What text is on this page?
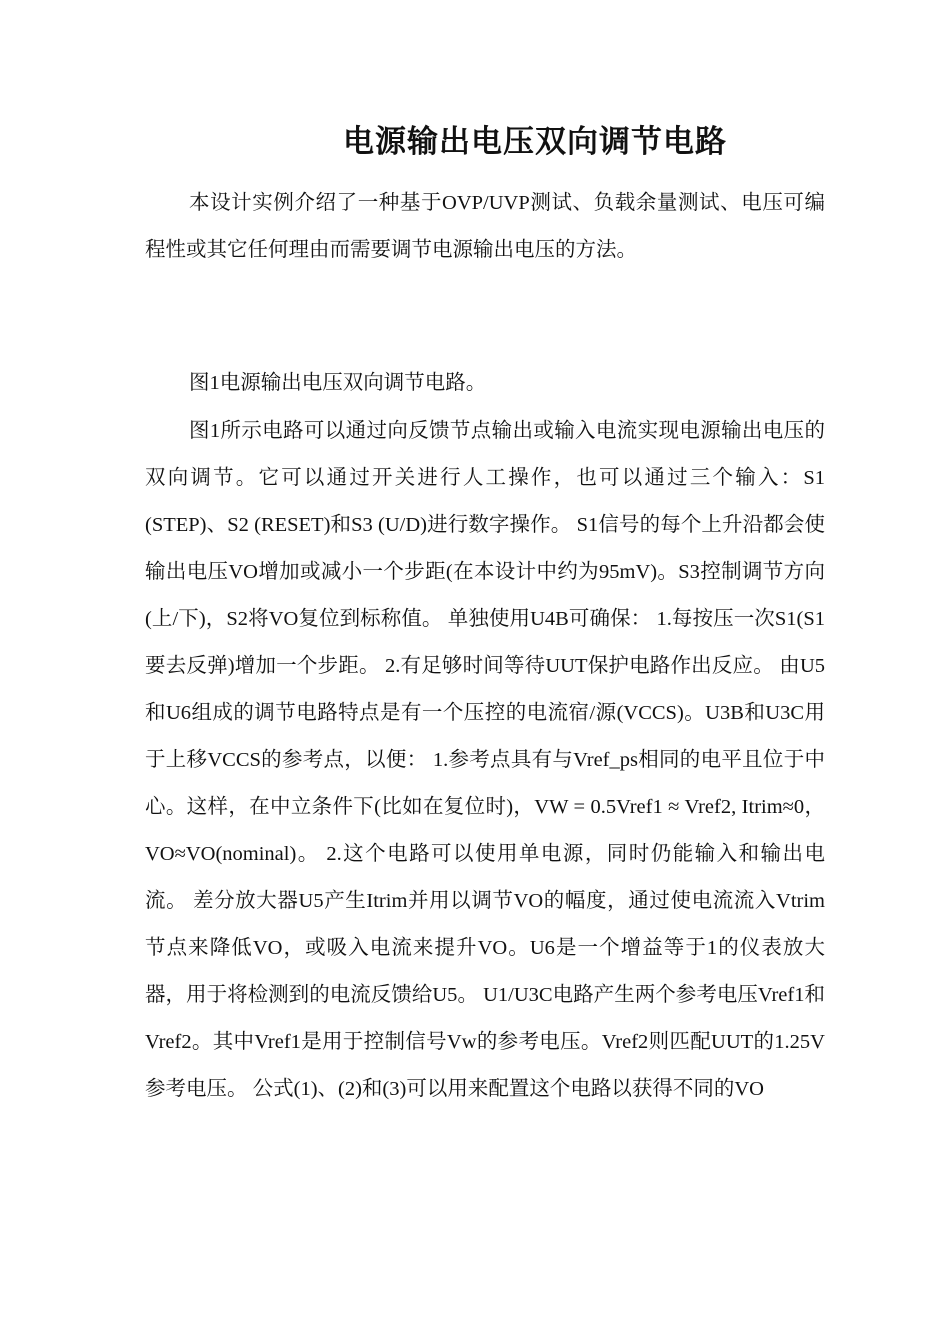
电源输出电压双向调节电路

本设计实例介绍了一种基于OVP/UVP测试、负载余量测试、电压可编程性或其它任何理由而需要调节电源输出电压的方法。

图1电源输出电压双向调节电路。

图1所示电路可以通过向反馈节点输出或输入电流实现电源输出电压的双向调节。它可以通过开关进行人工操作，也可以通过三个输入：S1 (STEP)、S2 (RESET)和S3 (U/D)进行数字操作。 S1信号的每个上升沿都会使输出电压VO增加或减小一个步距(在本设计中约为95mV)。S3控制调节方向(上/下)，S2将VO复位到标称值。 单独使用U4B可确保： 1.每按压一次S1(S1要去反弹)增加一个步距。 2.有足够时间等待UUT保护电路作出反应。 由U5和U6组成的调节电路特点是有一个压控的电流宿/源(VCCS)。U3B和U3C用于上移VCCS的参考点，以便： 1.参考点具有与Vref_ps相同的电平且位于中心。这样，在中立条件下(比如在复位时)，VW = 0.5Vref1 ≈ Vref2, Itrim≈0， VO≈VO(nominal)。 2.这个电路可以使用单电源，同时仍能输入和输出电流。 差分放大器U5产生Itrim并用以调节VO的幅度，通过使电流流入Vtrim节点来降低VO，或吸入电流来提升VO。U6是一个增益等于1的仪表放大器，用于将检测到的电流反馈给U5。 U1/U3C电路产生两个参考电压Vref1和Vref2。其中Vref1是用于控制信号Vw的参考电压。Vref2则匹配UUT的1.25V参考电压。 公式(1)、(2)和(3)可以用来配置这个电路以获得不同的VO
